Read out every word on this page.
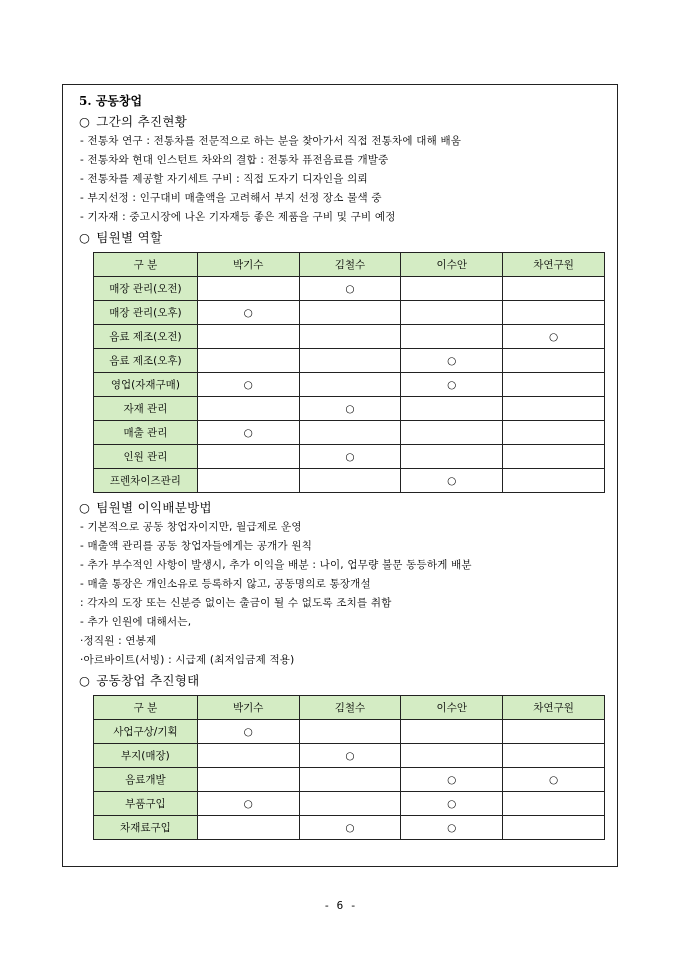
5. 공동창업
○ 그간의 추진현황
- 전통차 연구 : 전통차를 전문적으로 하는 분을 찾아가서 직접 전통차에 대해 배움
- 전통차와 현대 인스턴트 차와의 결합 : 전통차 퓨전음료를 개발중
- 전통차를 제공할 자기세트 구비 : 직접 도자기 디자인을 의뢰
- 부지선정 : 인구대비 매출액을 고려해서 부지 선정 장소 물색 중
- 기자재 : 중고시장에 나온 기자재등 좋은 제품을 구비 및 구비 예정
○ 팀원별 역할
구 분	박기수	김철수	이수안	차연구원
매장 관리(오전)		○		
매장 관리(오후)	○			
음료 제조(오전)				○
음료 제조(오후)			○	
영업(자재구매)	○		○	
자재 관리		○		
매출 관리	○			
인원 관리		○		
프렌차이즈관리			○	
○ 팀원별 이익배분방법
- 기본적으로 공동 창업자이지만, 월급제로 운영
- 매출액 관리를 공동 창업자들에게는 공개가 원칙
- 추가 부수적인 사항이 발생시, 추가 이익을 배분 : 나이, 업무량 불문 동등하게 배분
- 매출 통장은 개인소유로 등록하지 않고, 공동명의로 통장개설
: 각자의 도장 또는 신분증 없이는 출금이 될 수 없도록 조치를 취함
- 추가 인원에 대해서는,
·정직원 : 연봉제
·아르바이트(서빙) : 시급제 (최저임금제 적용)
○ 공동창업 추진형태
구 분	박기수	김철수	이수안	차연구원
사업구상/기획	○			
부지(매장)		○		
음료개발			○	○
부품구입	○		○	
차재료구입		○	○	
- 6 -
